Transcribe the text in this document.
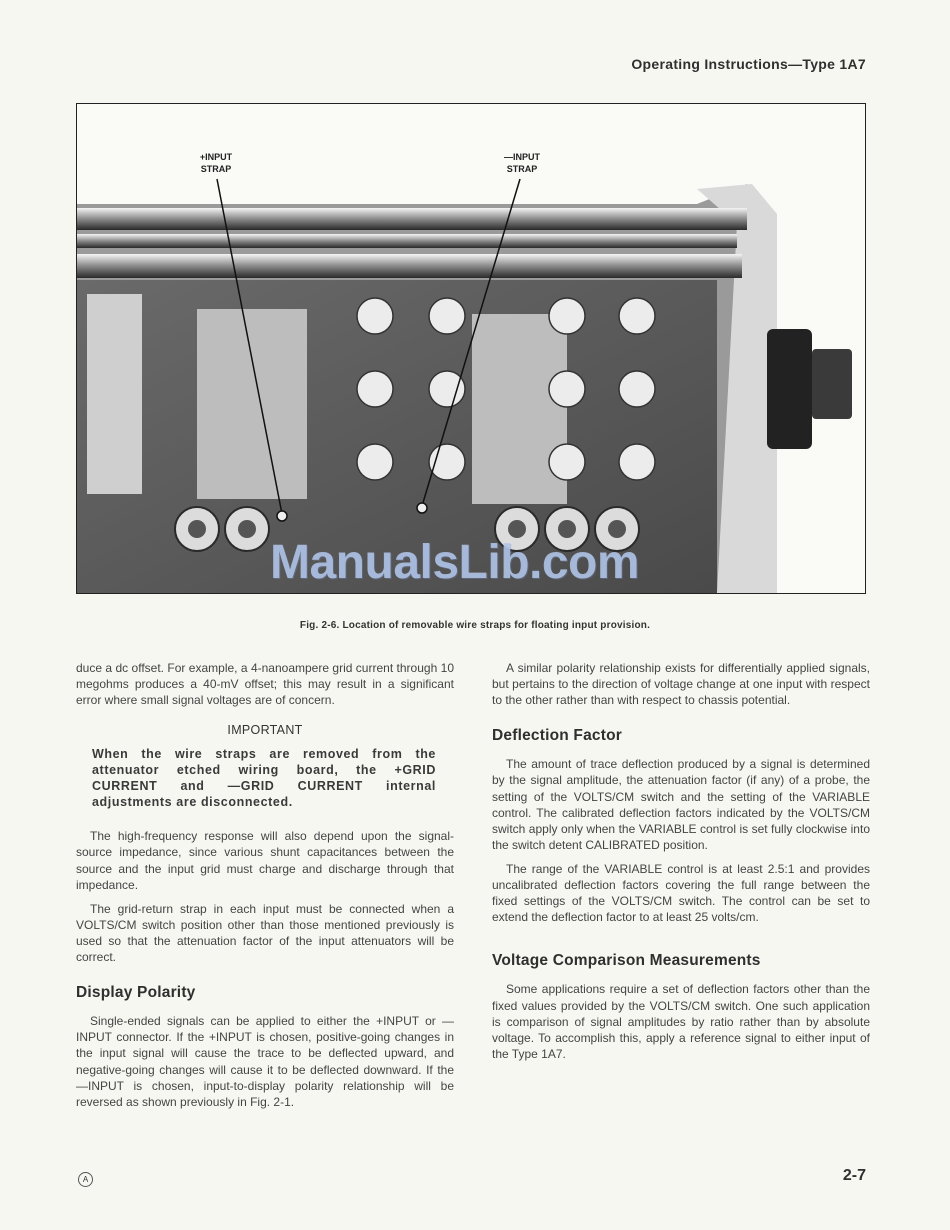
Operating Instructions—Type 1A7
+INPUT
STRAP
—INPUT
STRAP
ManualsLib.com
Fig. 2-6. Location of removable wire straps for floating input provision.

duce a dc offset. For example, a 4-nanoampere grid current through 10 megohms produces a 40-mV offset; this may result in a significant error where small signal voltages are of concern.

IMPORTANT
When the wire straps are removed from the attenuator etched wiring board, the +GRID CURRENT and —GRID CURRENT internal adjustments are disconnected.

The high-frequency response will also depend upon the signal-source impedance, since various shunt capacitances between the source and the input grid must charge and discharge through that impedance.

The grid-return strap in each input must be connected when a VOLTS/CM switch position other than those mentioned previously is used so that the attenuation factor of the input attenuators will be correct.

Display Polarity

Single-ended signals can be applied to either the +INPUT or —INPUT connector. If the +INPUT is chosen, positive-going changes in the input signal will cause the trace to be deflected upward, and negative-going changes will cause it to be deflected downward. If the —INPUT is chosen, input-to-display polarity relationship will be reversed as shown previously in Fig. 2-1.

A similar polarity relationship exists for differentially applied signals, but pertains to the direction of voltage change at one input with respect to the other rather than with respect to chassis potential.

Deflection Factor

The amount of trace deflection produced by a signal is determined by the signal amplitude, the attenuation factor (if any) of a probe, the setting of the VOLTS/CM switch and the setting of the VARIABLE control. The calibrated deflection factors indicated by the VOLTS/CM switch apply only when the VARIABLE control is set fully clockwise into the switch detent CALIBRATED position.

The range of the VARIABLE control is at least 2.5:1 and provides uncalibrated deflection factors covering the full range between the fixed settings of the VOLTS/CM switch. The control can be set to extend the deflection factor to at least 25 volts/cm.

Voltage Comparison Measurements

Some applications require a set of deflection factors other than the fixed values provided by the VOLTS/CM switch. One such application is comparison of signal amplitudes by ratio rather than by absolute voltage. To accomplish this, apply a reference signal to either input of the Type 1A7.

A	2-7
